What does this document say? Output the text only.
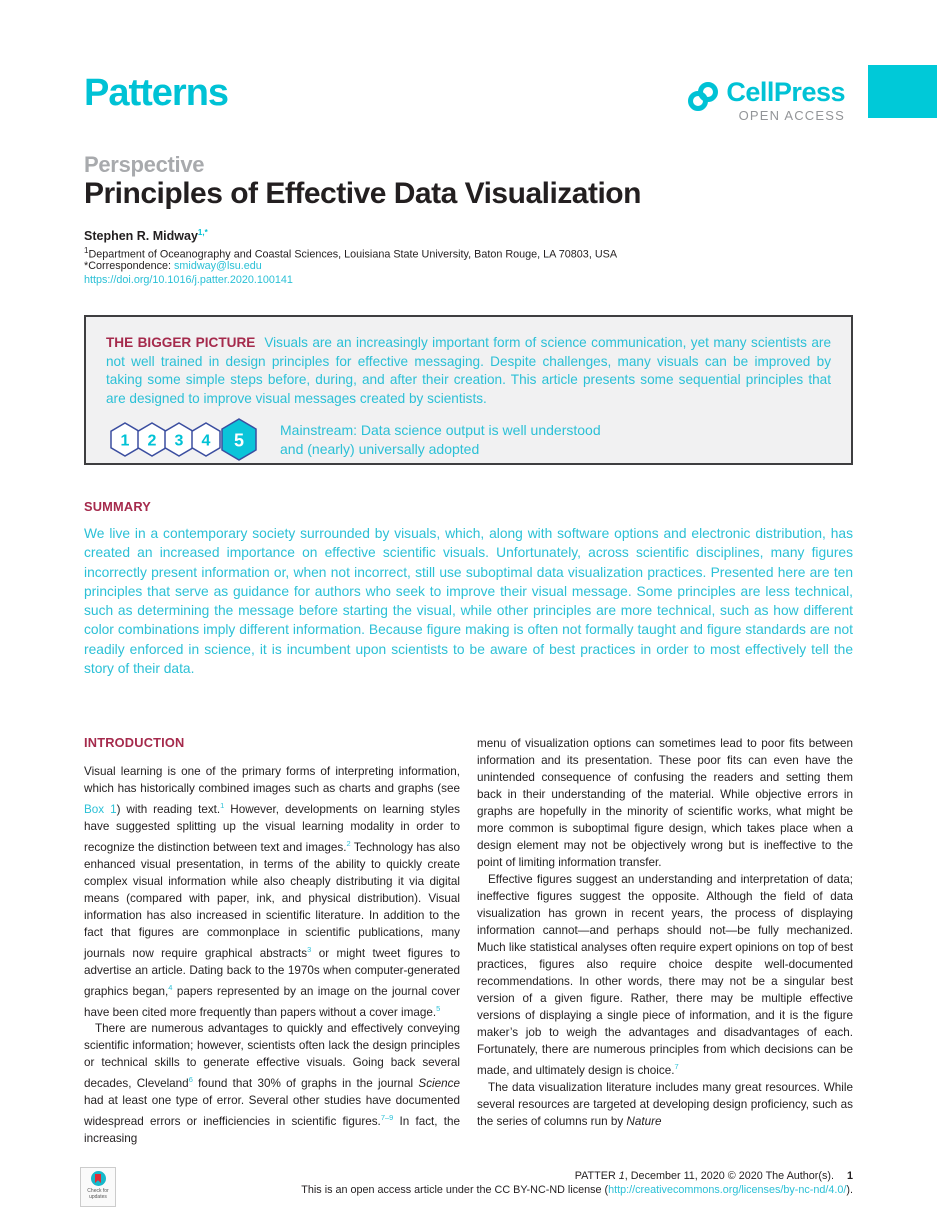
Patterns	CellPress
OPEN ACCESS
Perspective
Principles of Effective Data Visualization
Stephen R. Midway$^{1,*}$
$^1$Department of Oceanography and Coastal Sciences, Louisiana State University, Baton Rouge, LA 70803, USA
*Correspondence: smidway@lsu.edu
https://doi.org/10.1016/j.patter.2020.100141
THE BIGGER PICTURE Visuals are an increasingly important form of science communication, yet many scientists are not well trained in design principles for effective messaging. Despite challenges, many visuals can be improved by taking some simple steps before, during, and after their creation. This article presents some sequential principles that are designed to improve visual messages created by scientists.
1 2 3 4 5
Mainstream: Data science output is well understood
and (nearly) universally adopted
SUMMARY
We live in a contemporary society surrounded by visuals, which, along with software options and electronic distribution, has created an increased importance on effective scientific visuals. Unfortunately, across scientific disciplines, many figures incorrectly present information or, when not incorrect, still use suboptimal data visualization practices. Presented here are ten principles that serve as guidance for authors who seek to improve their visual message. Some principles are less technical, such as determining the message before starting the visual, while other principles are more technical, such as how different color combinations imply different information. Because figure making is often not formally taught and figure standards are not readily enforced in science, it is incumbent upon scientists to be aware of best practices in order to most effectively tell the story of their data.
INTRODUCTION

Visual learning is one of the primary forms of interpreting information, which has historically combined images such as charts and graphs (see Box 1) with reading text.$^1$ However, developments on learning styles have suggested splitting up the visual learning modality in order to recognize the distinction between text and images.$^2$ Technology has also enhanced visual presentation, in terms of the ability to quickly create complex visual information while also cheaply distributing it via digital means (compared with paper, ink, and physical distribution). Visual information has also increased in scientific literature. In addition to the fact that figures are commonplace in scientific publications, many journals now require graphical abstracts$^3$ or might tweet figures to advertise an article. Dating back to the 1970s when computer-generated graphics began,$^4$ papers represented by an image on the journal cover have been cited more frequently than papers without a cover image.$^5$

There are numerous advantages to quickly and effectively conveying scientific information; however, scientists often lack the design principles or technical skills to generate effective visuals. Going back several decades, Cleveland$^6$ found that 30% of graphs in the journal Science had at least one type of error. Several other studies have documented widespread errors or inefficiencies in scientific figures.$^{7-9}$ In fact, the increasing

menu of visualization options can sometimes lead to poor fits between information and its presentation. These poor fits can even have the unintended consequence of confusing the readers and setting them back in their understanding of the material. While objective errors in graphs are hopefully in the minority of scientific works, what might be more common is suboptimal figure design, which takes place when a design element may not be objectively wrong but is ineffective to the point of limiting information transfer.

Effective figures suggest an understanding and interpretation of data; ineffective figures suggest the opposite. Although the field of data visualization has grown in recent years, the process of displaying information cannot—and perhaps should not—be fully mechanized. Much like statistical analyses often require expert opinions on top of best practices, figures also require choice despite well-documented recommendations. In other words, there may not be a singular best version of a given figure. Rather, there may be multiple effective versions of displaying a single piece of information, and it is the figure maker’s job to weigh the advantages and disadvantages of each. Fortunately, there are numerous principles from which decisions can be made, and ultimately design is choice.$^7$

The data visualization literature includes many great resources. While several resources are targeted at developing design proficiency, such as the series of columns run by Nature

Check for updates
PATTER 1, December 11, 2020 © 2020 The Author(s). 1
This is an open access article under the CC BY-NC-ND license (http://creativecommons.org/licenses/by-nc-nd/4.0/).
